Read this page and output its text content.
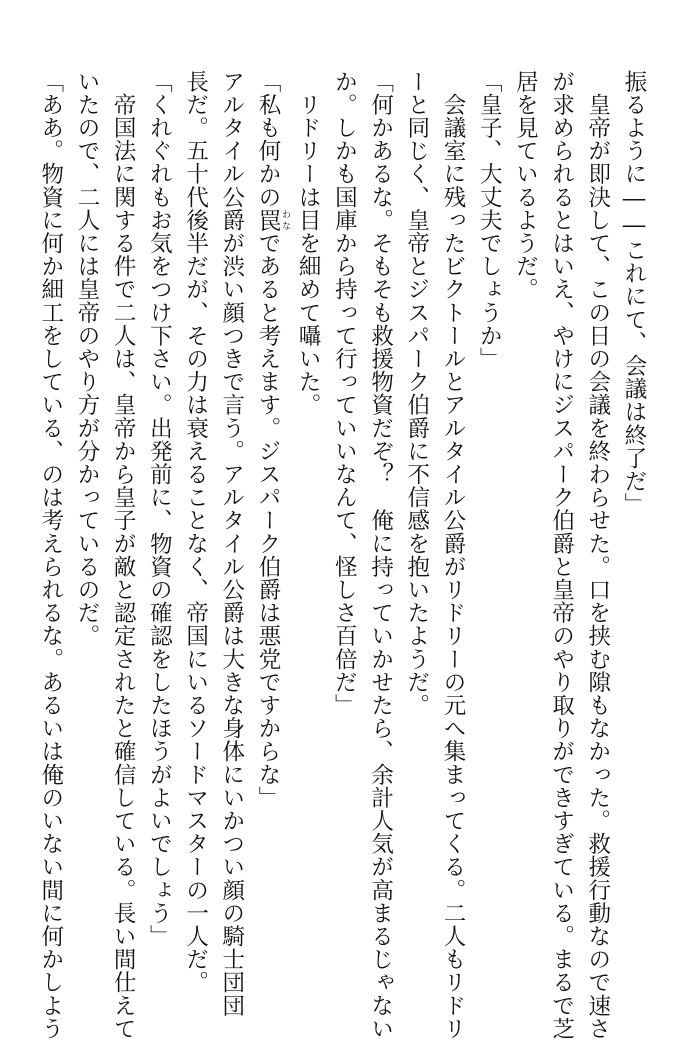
振るように――これにて、会議は終了だ」
　皇帝が即決して、この日の会議を終わらせた。口を挟む隙もなかった。救援行動なので速さ
が求められるとはいえ、やけにジスパーク伯爵と皇帝のやり取りができすぎている。まるで芝
居を見ているようだ。
「皇子、大丈夫でしょうか」
　会議室に残ったビクトールとアルタイル公爵がリドリーの元へ集まってくる。二人もリドリ
ーと同じく、皇帝とジスパーク伯爵に不信感を抱いたようだ。
「何かあるな。そもそも救援物資だぞ？　俺に持っていかせたら、余計人気が高まるじゃない
か。しかも国庫から持って行っていいなんて、怪しさ百倍だ」
　リドリーは目を細めて囁いた。
「私も何かの罠 わなであると考えます。ジスパーク伯爵は悪党ですからな」
アルタイル公爵が渋い顔つきで言う。アルタイル公爵は大きな身体にいかつい顔の騎士団団
長だ。五十代後半だが、その力は衰えることなく、帝国にいるソードマスターの一人だ。
「くれぐれもお気をつけ下さい。出発前に、物資の確認をしたほうがよいでしょう」
　帝国法に関する件で二人は、皇帝から皇子が敵と認定されたと確信している。長い間仕えて
いたので、二人には皇帝のやり方が分かっているのだ。
「ああ。物資に何か細工をしている、のは考えられるな。あるいは俺のいない間に何かしよう
